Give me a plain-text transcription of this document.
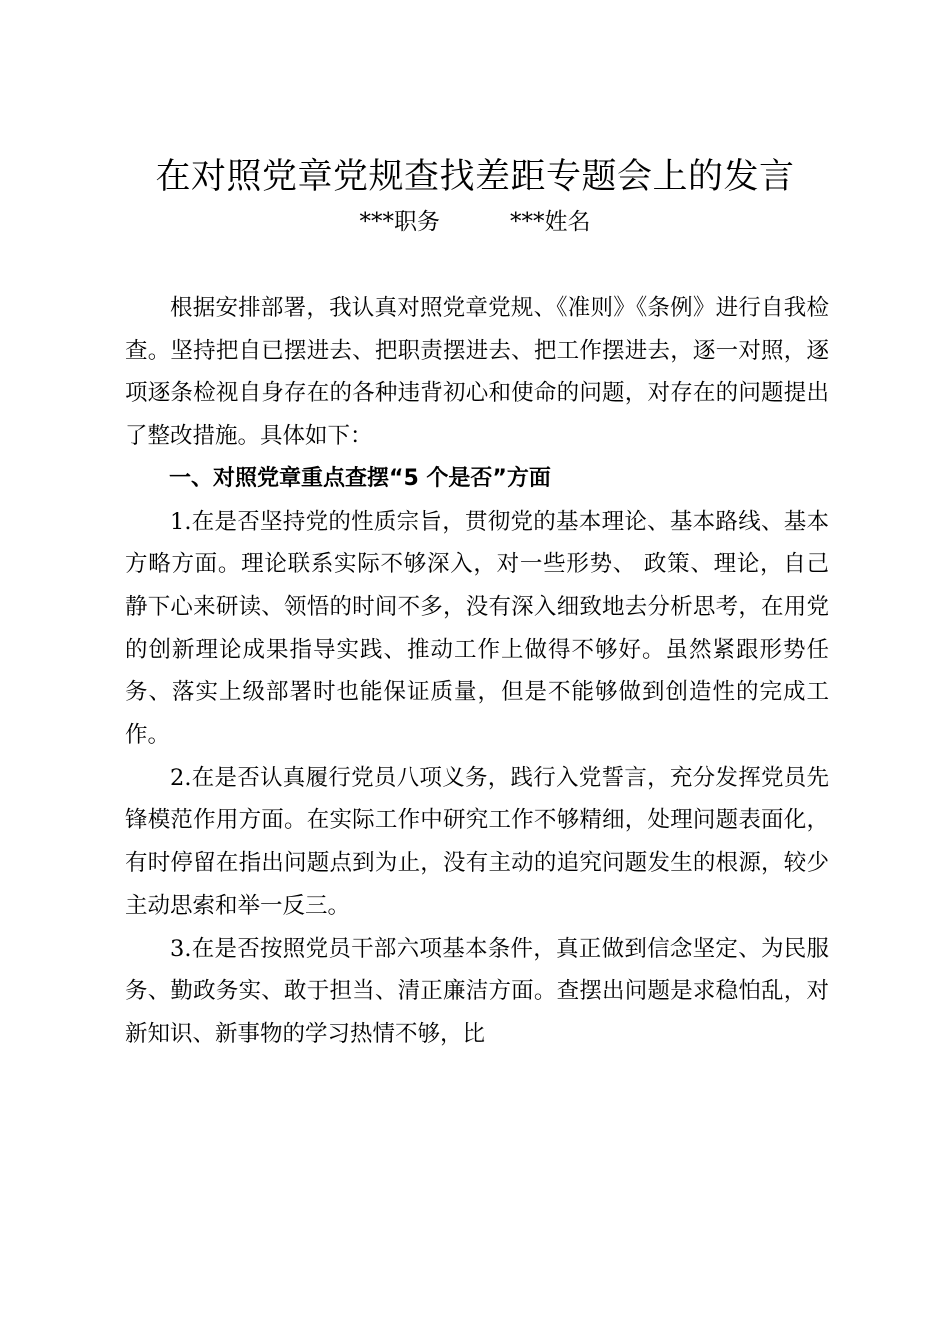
在对照党章党规查找差距专题会上的发言
***职务	***姓名

根据安排部署，我认真对照党章党规、《准则》《条例》进行自我检查。坚持把自已摆进去、把职责摆进去、把工作摆进去，逐一对照，逐项逐条检视自身存在的各种违背初心和使命的问题，对存在的问题提出了整改措施。具体如下：

一、对照党章重点查摆“5 个是否”方面

1.在是否坚持党的性质宗旨，贯彻党的基本理论、基本路线、基本方略方面。理论联系实际不够深入，对一些形势、 政策、理论，自己静下心来研读、领悟的时间不多，没有深入细致地去分析思考，在用党的创新理论成果指导实践、推动工作上做得不够好。虽然紧跟形势任务、落实上级部署时也能保证质量，但是不能够做到创造性的完成工作。

2.在是否认真履行党员八项义务，践行入党誓言，充分发挥党员先锋模范作用方面。在实际工作中研究工作不够精细，处理问题表面化，有时停留在指出问题点到为止，没有主动的追究问题发生的根源，较少主动思索和举一反三。

3.在是否按照党员干部六项基本条件，真正做到信念坚定、为民服务、勤政务实、敢于担当、清正廉洁方面。查摆出问题是求稳怕乱，对新知识、新事物的学习热情不够，比
